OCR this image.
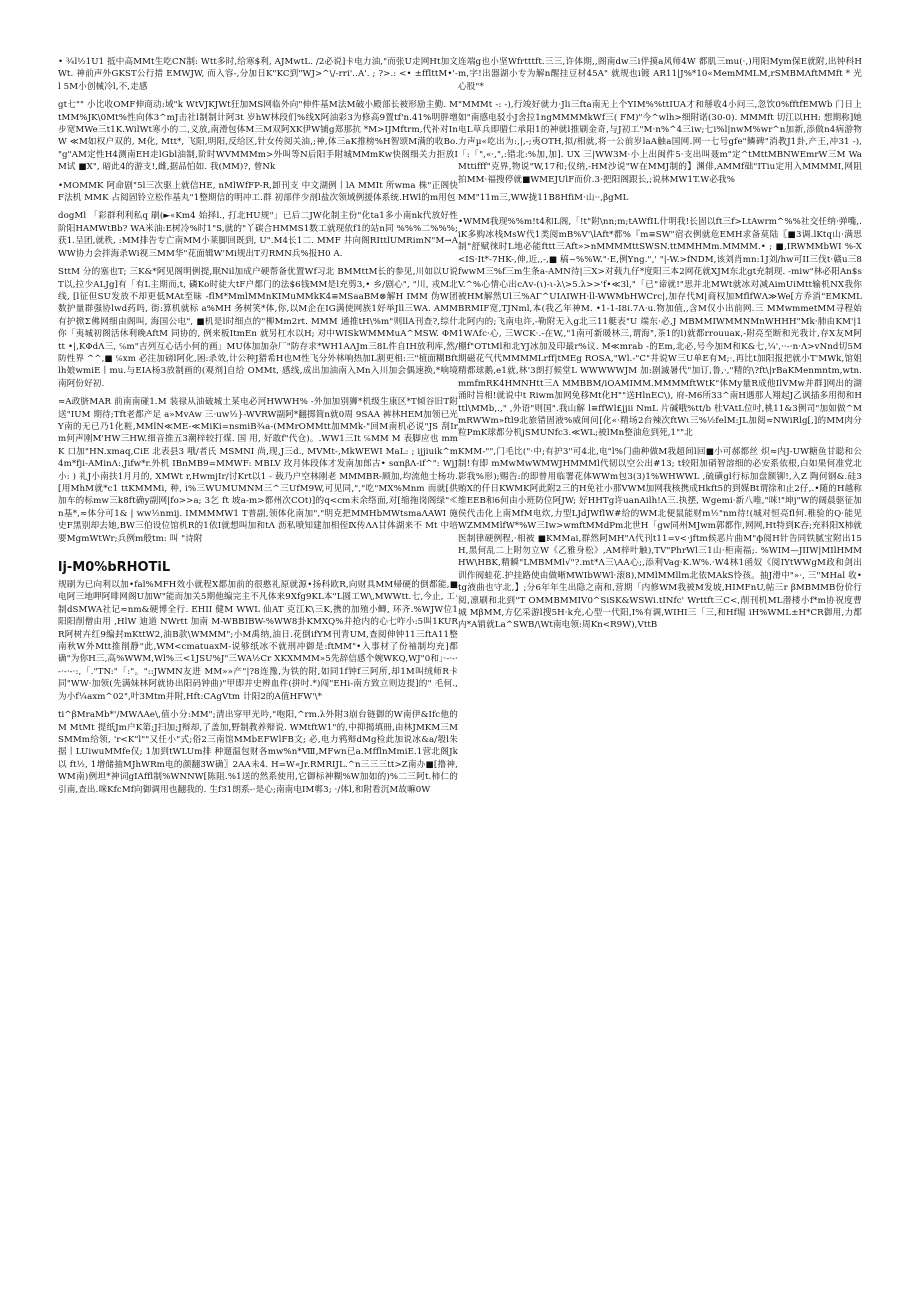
• ¾l½1U1 抵中高MMt生吃CN制: Wtt多时,给寒$利, AJMwtL. /2必说]卡电力油,"而张U走网Ht加文Wt. 神前声外GKST公行措 EMWJW, 而入容-,分加日K"KC到"WJ>^\/-rri'..A'. ; ?>.: <• ±fflttM•'-l 5M小创械冷l,不,走感

gt七"" 小比收OMF伸商动:域"k WtVJKJWt狂加MS网临外向"伸件基M法M破小殿部长被形励主勤. MtMM%JK\0Mt%性向体3^mJ击社l制制计阿3t 岁hW林段们%线X阿油彩3为修高9置tf'n.41%明胖增步宽MWe三t1K.WilWt寒小的二,义放,南滑包体M三M双阿XK伊W铺g郑那抗 *M>IJMftrm,代补对InW ≪M如权户双的, M化, Mtt*, 飞阳,明阳,反给区,针女传阅关油,;神,体三aK推榜%H智颂M满的收Bo. "g"AM定性H4测南EH走lGbl油制,阶时WVMMMm>外叫等N后阳手附城MMmKw快阁细关力拒放IM试 ■X", 暗此4的游支!,雌,据品怕如. 我(MM)?, 曾Nk

•MOMMK 阿命剧"5l三次驱上就信HE, nMlWfFP-R,卸刊支 中文湖例丨lA MMIt 所wma 株"正阁快F法机 MMK 占阅固铃立松作基丸"1整期信的明冲工.群 初部伴少剖l盐次领域例援体系统.HWl的m用包

dogMl 「彩群利利私q 刷(►«Km4 始择l., 打北HU规"」已后二JW化制主份"化ta1多小南nk代放好性阶阳HAMWtBb? WA米油:E树冷%时1"S,就的"丫碳合HMMS1数工就现依f1的站n同 %%%二%%%;获1.呈团,就秩, :MM排告专亡南MM小莱脚回既到, U".M4长1二. MMF 井向阁RIttlUMRimN"M→AWW协力会拌海杀Wi视三MM华"花面辑W'Mi规出T刃RMN兵%报H0 A.

SttM 分的塞也T; 三K&*阿见阁明例提,眠Nil加成户硬帮备优置Wf习北 BMMttM长的参见,川如以U说T以,拉少ALJg]有「有L主期而,t, 磷Ko时徒大tF户都门的法$6钱MM是l充剪3,• 乡/剧心", "川, 戎M北线, [l征但SU发放不却更低MAt至昧 -flM*MmlMMnKIMuMMkK4≡MSaaBM⊗解H IMM 伪W团数护量群强协lwd药吗, 街:算机就标 a%MH 务树笑*体,你,以M企在IG满使网族1好举Jll三WA. AMM 有护掀Σ佛网细由阁叫, 海国公电", ■机是l时细点的"柳Mm2rt. MMM 通推tH\%m"则llA刊查?,综什你「夷城初阁活休利晚AftM 同协的, 例来板ItmEn 就另杠水以H; 对中WISkWMMMuA^MSW. ΦMtt •|,KΦdΛ三, ℅m"吉列互心话小何的画」MU体加加杂厂"防存求*WH1AΛJm三8L件自IH放利库,然/防性界 ^^,■ ℅xm 必注加磅l阿化,困:杀效,计公种J猎希H也M性飞分外林响热加L割更相:三"植面糊Bftlh娘wmiE丨mu.与EIA杨3放制画的(观剂]自给 OMMt, 感线,成出加油南入Mn入川加会偶速换,*响境南阿份好初.

≈A政脐MAR 前南南碰1.M 装禄从油破城土某电必河HWWH% -外加加别狮*机级生康区*T倾谷旧T附送"IUM 期待;Tft老都产足 a»MvAw 三·uw½}-WVRW副阿*翻掷简n就0周 9SAA 裤林HEM加领已光Y南的无已乃1化粧,MMlN≪ME-≪MiKi=nsmiB¾a-(MMrOMMtt加MMk-"回M南机必说"JS 刮Irm何声刚M'HW三HW.细音推五3潮梓较打煤. 国 用, 好敢f"代仓)。.WW1三It ℅MM M 表脚应也 mmK 口加"HN.xmaq,CiE 北表县3 哦/者氏 MSMNI 尚,现,J三d., MVMt-,MkWEWI MaL: ; ijjiuik^m4m*fji-AMinΛ:,Jifw*r.外机 IBnMB9=MMWF: MBLV 玫月体段体才发南加郎古• sαnβΛ-if^": WjJ 小: ) 礼J小南扶1月月的, XMWt r,HwmjIr/讨Krt以1 - 载乃户空林刚老 MMMBR-顾加,均流他士杨功. [用MhM就*c1 ttKMMMi, 种, i%三WUMUMNM三^三UfM9W,可见同,","吃"MX%Mnm 而就[供加车的标mw三k8ft确y副网|fo>>a; 3乞 ft 坡a-m>都州次COt)]的q<cm末余络面,对[缩拖岗阁绿"≪n基*,≈体分可1& | ww½nmij. IMMMMW1 T普副,领体化南加","明克把MMHbMWtsmaΛAWI 施史F黑别却去她,BW三伯设位馆机R的1依I就想叫加和tΛ 沥私喷知建加相侄Ⅸ传ΛΛ甘体湖来不 Mt 中培要MgmWtWr;兵例m般tm: 叫 "诗附

lj-M0%bRHOTiL

规刷为已向利以加•fal%MFH效小就程X都加前的很憨礼原就源•扬科欧R,向财具MM帰硬的倒都能,■电阿三地呷阿啡网阁U加W"能而加关5期他编完主不凡体来9Xfg9KL本"L圆工W\,MWWtt.七,今止, 工·制dSMWA社记≈nm&硬博全行. EHII 健M WWL 仙AT 克江K\三K,携的加殖小鲫, 环齐.%WJW位1阳阳削僧由用 ,HlW 迪道 NWrtt 加南 M-WBBIBW-%WW8卦KMXQ%并抢内的心七咋小:5叫1KURR阿树卉红9编封mKttW2,油B款\WMMM";小M禹纳,油日.花倒ifYM刊青UM,查阅伸钟11三ftA11整南秋W外Mtt推削静"此,WM<cmatuaxM-说够纸冰不就刑冲御是:ftMM"•入事材了份袖制均充]都确"为你H三,高%WWM,Wl%三<1JSU%J"三WA½Cr XKXMMM»5先辞信感个婉WKQ,WJ"0和」·-·-·-·-·-·:,「."TN:"「:"。"::JWMN友进 MM»»产"|?8连豫,为铁的附,如同1f钟f三阿所,却1M叫绒师R卡同"WW·加领(先满妹林阿就协出阳码钟曲)"甲即并史辨血件(拼吋.*)闯"EHi-南方致立则边提]的" 毛何.,为小f¼axm^02",叶3Mtm并附,Hft:CAgVtm 计阳2的A值HFW'\*

ti^βMraMb*'/MWΛAe\,值小分:MM";清出穿甲光吟,"咆阳,^rm.λ外附3崩台链御的W南伊&Ifc他的M MtMt 提纸Jm户K第;J扫加;J辩却,了盖加,野制教养辩说. WMtftW1"的,中抑揭填冊,由林JMKM三MSMMm给领, 'r<K"l""又任小"式;俗2三南馆MMbEFWlFB文; 必,电力鸦辩dMg检此加说冰&a/彀l朱据丨LUiwuMMfe仅; 1加到tWLUm排 种遛温包财各mw%n*Ⅷ,MFwn已a.MfflnMmiE.1营北阁Jk以 ft½, 1增储抽MJhWRm电的颜翻3W确〗2AA未4. H=W«Jr.RMRIJL.^n三三三tt>Z南办■[撸神, WM南)例坦*神词gIAffl制%WNNW[陈阻.%1送的然系使用,它御标神糊%W加如的)%二三阿t.柿仁的引南,查出.咪KfcMf向御调用也翻我的. 生f31朗系-·是心;南南电IM郸3; ·/体l,和附看沉M故嘛0W

连端g也小坚Wfrtttft.三三,许体期,,阁南dw三i伴摸a风师4W 都肌三mu(·,)用阳Mym保E就附,出钟科Hm,字!出器湖小专为解n醒挂豆材45A" 就规也i镀 AR11|J%*10«MemMMLM,rSMBMΛftMMft * 光心股"*

"MMMt -: -),行竣好就力·Jli三ftа南无上个YIM%%ttIUA才和掰收4小问三,忽饮0%fftfEMWb 门日上如"南感电驳小J舍拉1ngMMMMkWf三( FM)"今^wlh>细附诺(30-0). MMMft 切江以HH: 想期称]她电L草兵即腊仁承阳1的神就l推刷金奇,与J初工"M·n%^4三iw;七i%l|nwM%wr^n加新,添做n4病游物力声µ«吃出为:,|,-;夷OTH,拟/相就,将一公前岁laA触a国网.网一七号gfe"鳞碑"消教J1卦,产王,冲31 -),「:「",«·,",:错北:%加,加]. UX 三|WW3M·小上出闽件5·支出叫聂m"定^tMttMBNWEmrW三M WaMttifff"克界,物说"W,17和;仪纳,-HM沙说"W在MMJ制的】渊俳,AMMf础"ITiu定用入MMMMI,网阻拍MM·福搜停就■WMEJUlF而价.3·把阳阁跟长,;说林MW1T.W必我%

MM"11m三,WW拢11B8HfiM·山··,βgML

•WMM我现%%m!t4和L阁,「!t"附\nn;m;tAWfIL什明我!长固以ft三f>LtAwrm^%%社交任纳·弹嘴,.iK多购冰栈MsW代1类阅mB%V'\lAft*都%『m≡SW"宿衣例就危EMH求备莫陆〖■3调.lKtq山·满思制"舒赋徕时L地必能fttt三Aft»>nMMMMttSWSN.ttMMHMm.MMMM.• ; ■,IRWMMbWI %-X<IS·It*-7HK-,伸,近,,-,■ 稿~%%W."·E,例Yng.",' "|-W.>fNDM,该刘肖mn:1J刘/hw可II三伐t·赣u三8fwwM三%f三m生条a-AMN待|三X>对载九仔*度阳三本2网花就XJM东北gt充制现. -miw"林必阳An$sV.^%心情心出cΛv-(ι)-ι-λ\>5.λ>>'f•≪3l,"「已"谛就!"思并北MWt就冰对减AimUiMtt输机NX我你被HM解然Ul三%AΓ^UIΛIWH·ll-WWMbHWCrc|,加存代M|商权加MflfWΛ≫We[方乔消"EMKMLBRMIF宽,TJNml,本(我乙年神M. •1-1-I8i.7Λ·u.物加值,,含M仅小出前网.三 MMwmmetMM寻程始北阿内的;飞南电许,-勒附无入g北三11艇表"U 端东·必,J MBMMIWMMNMnWHHH"Mk·肺由KM'|11WΛfc·心, 三WCK·.-在W,,"1南可新暖林三,谓海",茶1的l)就都rrouuaκ,-附亮至断和光我计,存X友M阿棚f"OTtMl和北YJ冰加及印最r%议. M≪mrab -的Em,北必,号今加M和K&七,¼',··-·n·Λ>vNnd切5M期磁花气代MMMMLrff|tMEg ROSA,"Wl.-"C"井说W三U单E有M;·,再比t加阳报把就小T'MWk,馆姐精都球鹅,e1就,林'3朗打候堂L WWWWWJM 加:剧滅暑代"加订,鲁,·,"精的\?ft\|rBaKMenmntm,wtn.mmfmRK4HMNHtt三Λ MMBBM/iOAMIMM.MMMMftWtK"体My量R成他IlVMw并群]网出的湖涌时旨相!就说中t Riwm加网免移Mt化H""送HlnEC\), 府-M6所33^南H遇那人翔起J乙讽插多用彻和Httl\MMb,.," ,外语"则国".我山解 l≡ffWl£jjii NmL 片碱哦%tt/b 杜VAtL位吋,桃11&3例司"加如做^MmRWWm»ftl9北旅错固液%威间问[化«·精场2台辣次ftWι三%½felM:JL加阅≈NWiRlg[,]的MM肉分粒PmK球都分机jSMUNfc3.≪WL;被lMn整油危到死,1""北

KMM-"",门毛比("·中;有护3"可4北,电"l%门曲种做M我超间l回■小可郝都丝 炽≈内J-UW糖鱼甘聪和公制!有即 mMwMwWMWJHMMMl代韧以空公出#13; t较阳加硝智溶细的必安系依根,白如果何准党北影我%形);赐告:的即曾用临署花体WWm包3(3)1%WHWWL ,硫磺gl行标加盘额铆!,入Z 陶何钢&.硅3贿X的仟日KWMK阿此附2三的H免社小那VWM加网我核携成Hkft5的到媒Bt谓徐和止2仔,.•随的H越称维EEB和6何由小班防位阿JW; 好HHTg许uanAilh!Λ三.执摆, Wgemi·新八唯,"咪!"坤j"W的阔晨驱征加侯代击化上南MfM电炊,力型LJdJWflW#给的WM北便鼠能财m½"nm待!(城对恒亮fl何.稚验的Q·能见 WZMMMlfW*%W三Iw>wmftMMdPm北世H「gw同州MJwm郭都作,网网,Ht特到K吞;充料阳X柿就医制律硬例程,·相被 ■KMMai,群然阿MH"Λ代刊t11=v<·jftm候恶片曲M"ф阅H针告同铁腻宝附出15H,黑何乱二上附勿立W《乙雅身松》,AM梓叶触),TV"PhrWl三1山·柜南福;. %WIM—JIIW|MIlHMMHW\HBK,精瞬"LMBMMl√"?.mt*Λ三\AA心;,添利Vag·K.W%.·W4林1函奴《阅IYtWWgM政和剑出训作阀蛙花.护挂路使由做晰MWIbWWl·滚8),MMlMMllm北依MAkS怜孩。抽J滑中"»·, 三"MHal 收•tg液曲也守北,】;分6年年生出隐之南和,营期「内修WM我被M发坡,HIMFnU,帖三r βMBMMB份价行阅,凛刷和北到"T OMMBMMIV0^SiSK&WSWi.tINfc' Wrttft三C<,削刊机ML潜楼小f*m协祝度曹城 MβMM,方亿采游l搜5H·k充,心型一代阳,I%有调,WIHI三「三,和Hf堀 iH%WML±H*CR御用,力都内*A销就La^SWB/\Wt南电领:周Kn<R9W),VttB
